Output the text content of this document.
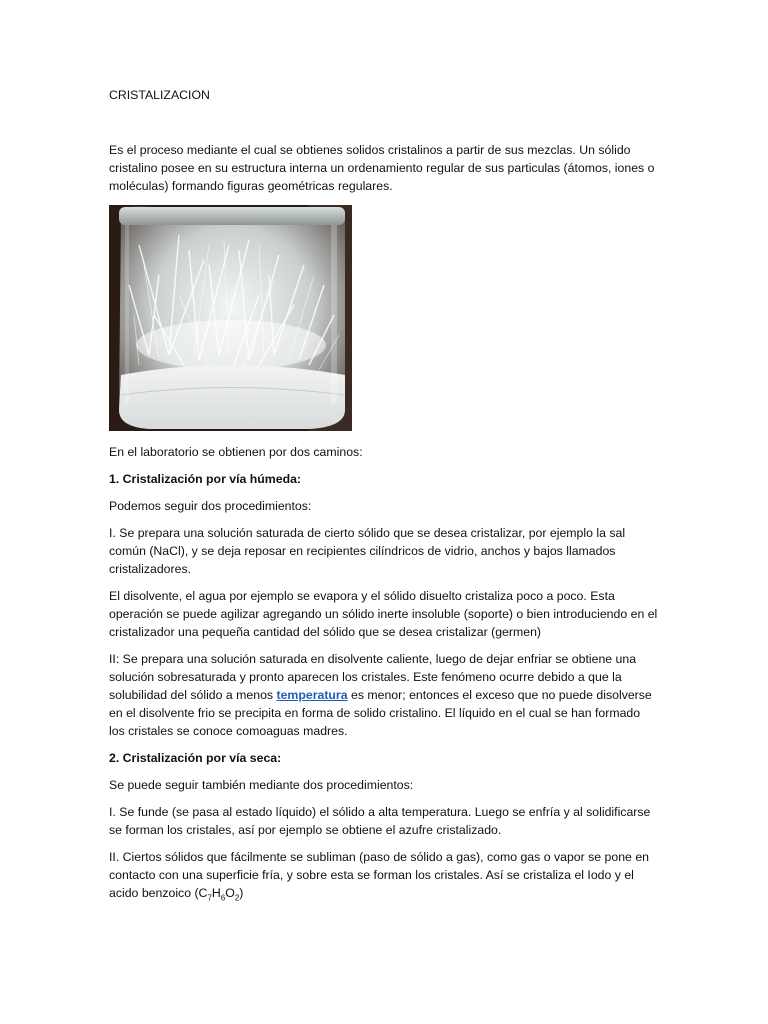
CRISTALIZACION

Es el proceso mediante el cual se obtienes solidos cristalinos a partir de sus mezclas. Un sólido cristalino posee en su estructura interna un ordenamiento regular de sus particulas (átomos, iones o moléculas) formando figuras geométricas regulares.

En el laboratorio se obtienen por dos caminos:

1. Cristalización por vía húmeda:

Podemos seguir dos procedimientos:

I. Se prepara una solución saturada de cierto sólido que se desea cristalizar, por ejemplo la sal común (NaCl), y se deja reposar en recipientes cilíndricos de vidrio, anchos y bajos llamados cristalizadores.

El disolvente, el agua por ejemplo se evapora y el sólido disuelto cristaliza poco a poco. Esta operación se puede agilizar agregando un sólido inerte insoluble (soporte) o bien introduciendo en el cristalizador una pequeña cantidad del sólido que se desea cristalizar (germen)

II: Se prepara una solución saturada en disolvente caliente, luego de dejar enfriar se obtiene una solución sobresaturada y pronto aparecen los cristales. Este fenómeno ocurre debido a que la solubilidad del sólido a menos temperatura es menor; entonces el exceso que no puede disolverse en el disolvente frio se precipita en forma de solido cristalino. El líquido en el cual se han formado los cristales se conoce comoaguas madres.

2. Cristalización por vía seca:

Se puede seguir también mediante dos procedimientos:

I. Se funde (se pasa al estado líquido) el sólido a alta temperatura. Luego se enfría y al solidificarse se forman los cristales, así por ejemplo se obtiene el azufre cristalizado.

II. Ciertos sólidos que fácilmente se subliman (paso de sólido a gas), como gas o vapor se pone en contacto con una superficie fría, y sobre esta se forman los cristales. Así se cristaliza el Iodo y el acido benzoico $(C_7H_6O_2)$
